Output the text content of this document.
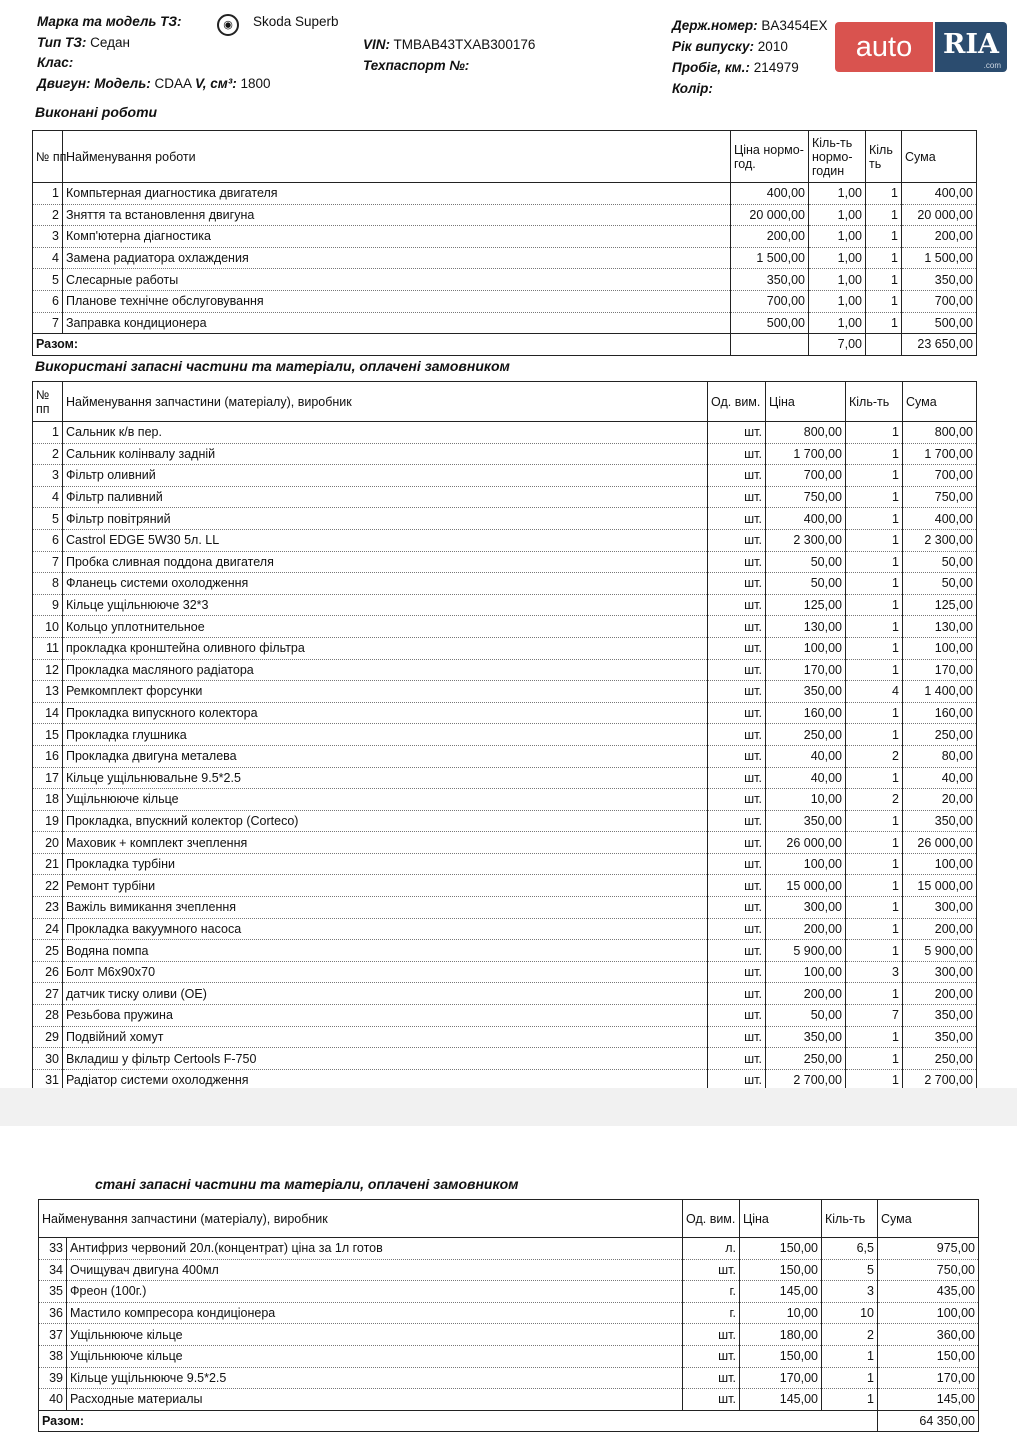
Марка та модель ТЗ:	◉	Skoda Superb
Тип ТЗ: Седан
Клас:
Двигун: Модель: CDAA V, см³: 1800
VIN: TMBAB43TXAB300176
Техпаспорт №:
Держ.номер: BA3454EX
Рік випуску: 2010
Пробіг, км.: 214979
Колір:
auto	RIA
.com
Виконані роботи
№ пп	Найменування роботи	Ціна нормо-год.	Кіль-ть нормо-годин	Кіль ть	Сума
1	Компьтерная диагностика двигателя	400,00	1,00	1	400,00
2	Зняття та встановлення двигуна	20 000,00	1,00	1	20 000,00
3	Комп'ютерна діагностика	200,00	1,00	1	200,00
4	Замена радиатора охлаждения	1 500,00	1,00	1	1 500,00
5	Слесарные работы	350,00	1,00	1	350,00
6	Планове технічне обслуговування	700,00	1,00	1	700,00
7	Заправка кондиционера	500,00	1,00	1	500,00
Разом:			7,00		23 650,00
Використані запасні частини та матеріали, оплачені замовником
№ пп	Найменування запчастини (матеріалу), виробник	Од. вим.	Ціна	Кіль-ть	Сума
1	Сальник к/в пер.	шт.	800,00	1	800,00
2	Сальник колінвалу задній	шт.	1 700,00	1	1 700,00
3	Фільтр оливний	шт.	700,00	1	700,00
4	Фільтр паливний	шт.	750,00	1	750,00
5	Фільтр повітряний	шт.	400,00	1	400,00
6	Castrol EDGE 5W30 5л. LL	шт.	2 300,00	1	2 300,00
7	Пробка сливная поддона двигателя	шт.	50,00	1	50,00
8	Фланець системи охолодження	шт.	50,00	1	50,00
9	Кільце ущільнююче 32*3	шт.	125,00	1	125,00
10	Кольцо уплотнительное	шт.	130,00	1	130,00
11	прокладка кронштейна оливного фільтра	шт.	100,00	1	100,00
12	Прокладка масляного радіатора	шт.	170,00	1	170,00
13	Ремкомплект форсунки	шт.	350,00	4	1 400,00
14	Прокладка випускного колектора	шт.	160,00	1	160,00
15	Прокладка глушника	шт.	250,00	1	250,00
16	Прокладка двигуна металева	шт.	40,00	2	80,00
17	Кільце ущільнювальне 9.5*2.5	шт.	40,00	1	40,00
18	Ущільнююче кільце	шт.	10,00	2	20,00
19	Прокладка, впускний колектор (Corteco)	шт.	350,00	1	350,00
20	Маховик + комплект зчеплення	шт.	26 000,00	1	26 000,00
21	Прокладка турбіни	шт.	100,00	1	100,00
22	Ремонт турбіни	шт.	15 000,00	1	15 000,00
23	Важіль вимикання зчеплення	шт.	300,00	1	300,00
24	Прокладка вакуумного насоса	шт.	200,00	1	200,00
25	Водяна помпа	шт.	5 900,00	1	5 900,00
26	Болт М6х90х70	шт.	100,00	3	300,00
27	датчик тиску оливи (OE)	шт.	200,00	1	200,00
28	Резьбова пружина	шт.	50,00	7	350,00
29	Подвійний хомут	шт.	350,00	1	350,00
30	Вкладиш у фільтр Certools F-750	шт.	250,00	1	250,00
31	Радіатор системи охолодження	шт.	2 700,00	1	2 700,00

стані запасні частини та матеріали, оплачені замовником
Найменування запчастини (матеріалу), виробник		Од. вим.	Ціна	Кіль-ть	Сума
33	Антифриз червоний 20л.(концентрат) ціна за 1л готов	л.	150,00	6,5	975,00
34	Очищувач двигуна 400мл	шт.	150,00	5	750,00
35	Фреон (100г.)	г.	145,00	3	435,00
36	Мастило компресора кондиціонера	г.	10,00	10	100,00
37	Ущільнююче кільце	шт.	180,00	2	360,00
38	Ущільнююче кільце	шт.	150,00	1	150,00
39	Кільце ущільнююче 9.5*2.5	шт.	170,00	1	170,00
40	Расходные материалы	шт.	145,00	1	145,00
Разом:					64 350,00
